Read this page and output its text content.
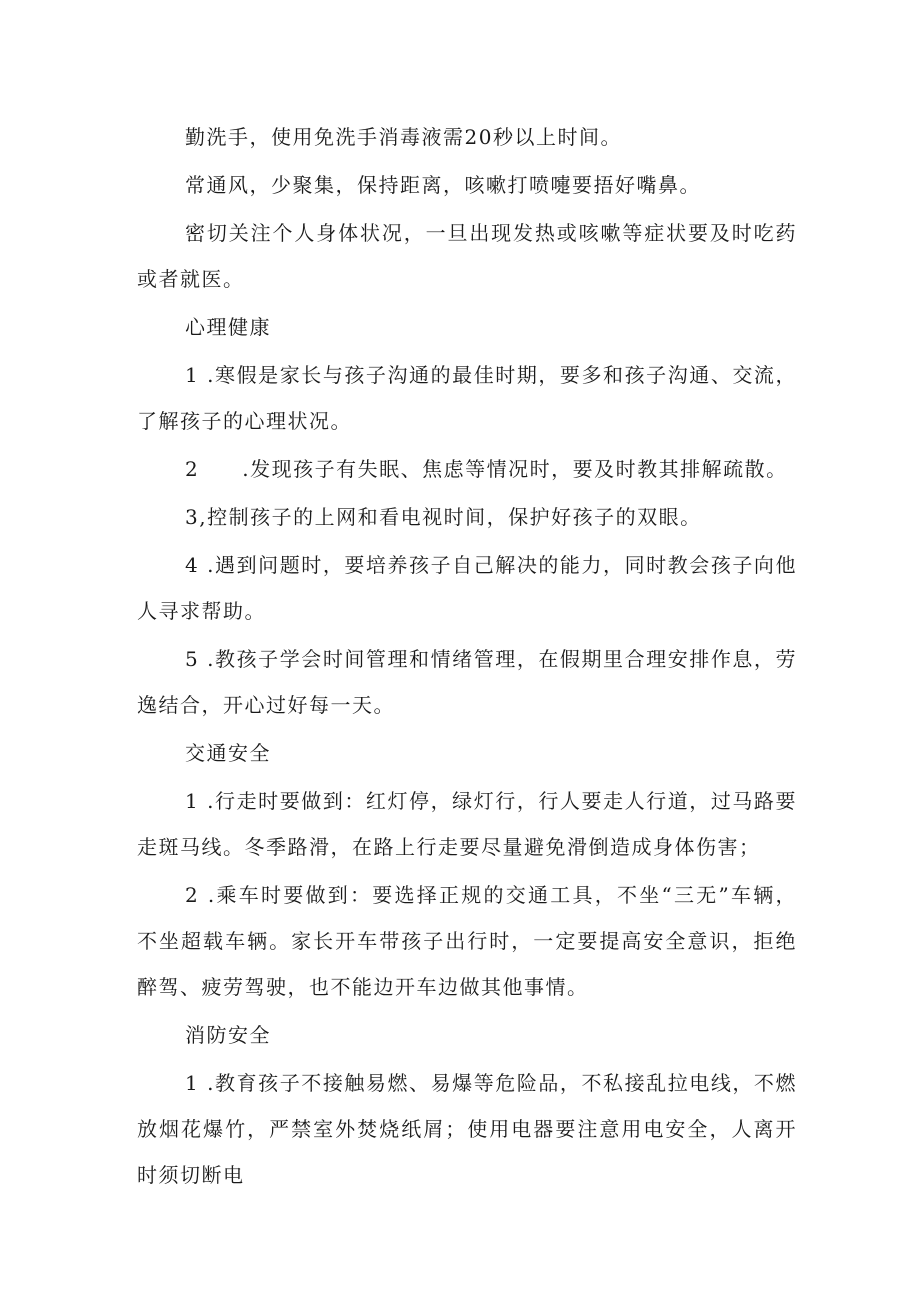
勤洗手，使用免洗手消毒液需20秒以上时间。

常通风，少聚集，保持距离，咳嗽打喷嚏要捂好嘴鼻。

密切关注个人身体状况，一旦出现发热或咳嗽等症状要及时吃药或者就医。

心理健康

1 .寒假是家长与孩子沟通的最佳时期，要多和孩子沟通、交流，了解孩子的心理状况。

2　　.发现孩子有失眠、焦虑等情况时，要及时教其排解疏散。

3,控制孩子的上网和看电视时间，保护好孩子的双眼。

4 .遇到问题时，要培养孩子自己解决的能力，同时教会孩子向他人寻求帮助。

5 .教孩子学会时间管理和情绪管理，在假期里合理安排作息，劳逸结合，开心过好每一天。

交通安全

1 .行走时要做到：红灯停，绿灯行，行人要走人行道，过马路要走斑马线。冬季路滑，在路上行走要尽量避免滑倒造成身体伤害；

2 .乘车时要做到：要选择正规的交通工具，不坐“三无”车辆，不坐超载车辆。家长开车带孩子出行时，一定要提高安全意识，拒绝醉驾、疲劳驾驶，也不能边开车边做其他事情。

消防安全

1 .教育孩子不接触易燃、易爆等危险品，不私接乱拉电线，不燃放烟花爆竹，严禁室外焚烧纸屑；使用电器要注意用电安全，人离开时须切断电
